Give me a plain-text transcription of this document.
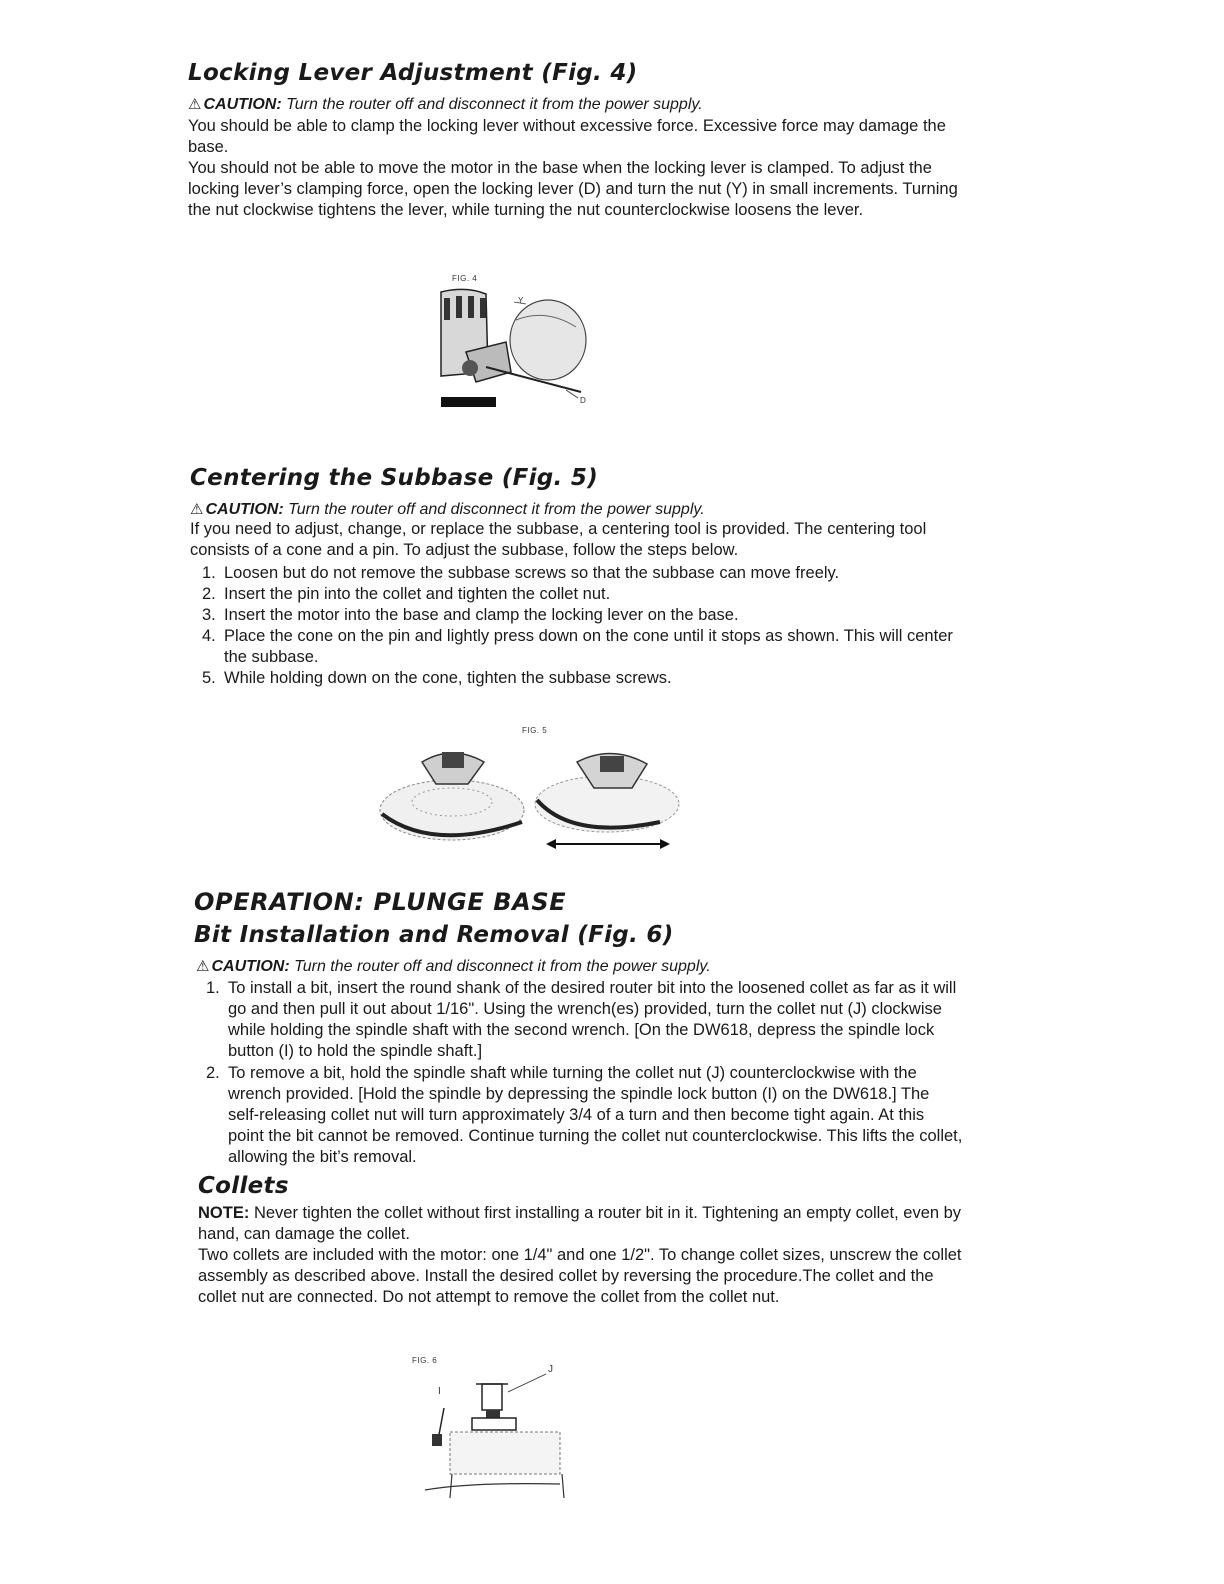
Locking Lever Adjustment (Fig. 4)
⚠ CAUTION: Turn the router off and disconnect it from the power supply.

You should be able to clamp the locking lever without excessive force. Excessive force may damage the base.

You should not be able to move the motor in the base when the locking lever is clamped. To adjust the locking lever’s clamping force, open the locking lever (D) and turn the nut (Y) in small increments. Turning the nut clockwise tightens the lever, while turning the nut counterclockwise loosens the lever.

FIG. 4
Y
D
Centering the Subbase (Fig. 5)
⚠ CAUTION: Turn the router off and disconnect it from the power supply.

If you need to adjust, change, or replace the subbase, a centering tool is provided. The centering tool consists of a cone and a pin. To adjust the subbase, follow the steps below.

1. Loosen but do not remove the subbase screws so that the subbase can move freely.
2. Insert the pin into the collet and tighten the collet nut.
3. Insert the motor into the base and clamp the locking lever on the base.
4. Place the cone on the pin and lightly press down on the cone until it stops as shown. This will center the subbase.
5. While holding down on the cone, tighten the subbase screws.
FIG. 5
OPERATION: PLUNGE BASE
Bit Installation and Removal (Fig. 6)
⚠ CAUTION: Turn the router off and disconnect it from the power supply.
1. To install a bit, insert the round shank of the desired router bit into the loosened collet as far as it will go and then pull it out about 1/16". Using the wrench(es) provided, turn the collet nut (J) clockwise while holding the spindle shaft with the second wrench. [On the DW618, depress the spindle lock button (I) to hold the spindle shaft.]
2. To remove a bit, hold the spindle shaft while turning the collet nut (J) counterclockwise with the wrench provided. [Hold the spindle by depressing the spindle lock button (I) on the DW618.] The self-releasing collet nut will turn approximately 3/4 of a turn and then become tight again. At this point the bit cannot be removed. Continue turning the collet nut counterclockwise. This lifts the collet, allowing the bit’s removal.
Collets

NOTE: Never tighten the collet without first installing a router bit in it. Tightening an empty collet, even by hand, can damage the collet.

Two collets are included with the motor: one 1/4" and one 1/2". To change collet sizes, unscrew the collet assembly as described above. Install the desired collet by reversing the procedure.The collet and the collet nut are connected. Do not attempt to remove the collet from the collet nut.

FIG. 6
I
J
